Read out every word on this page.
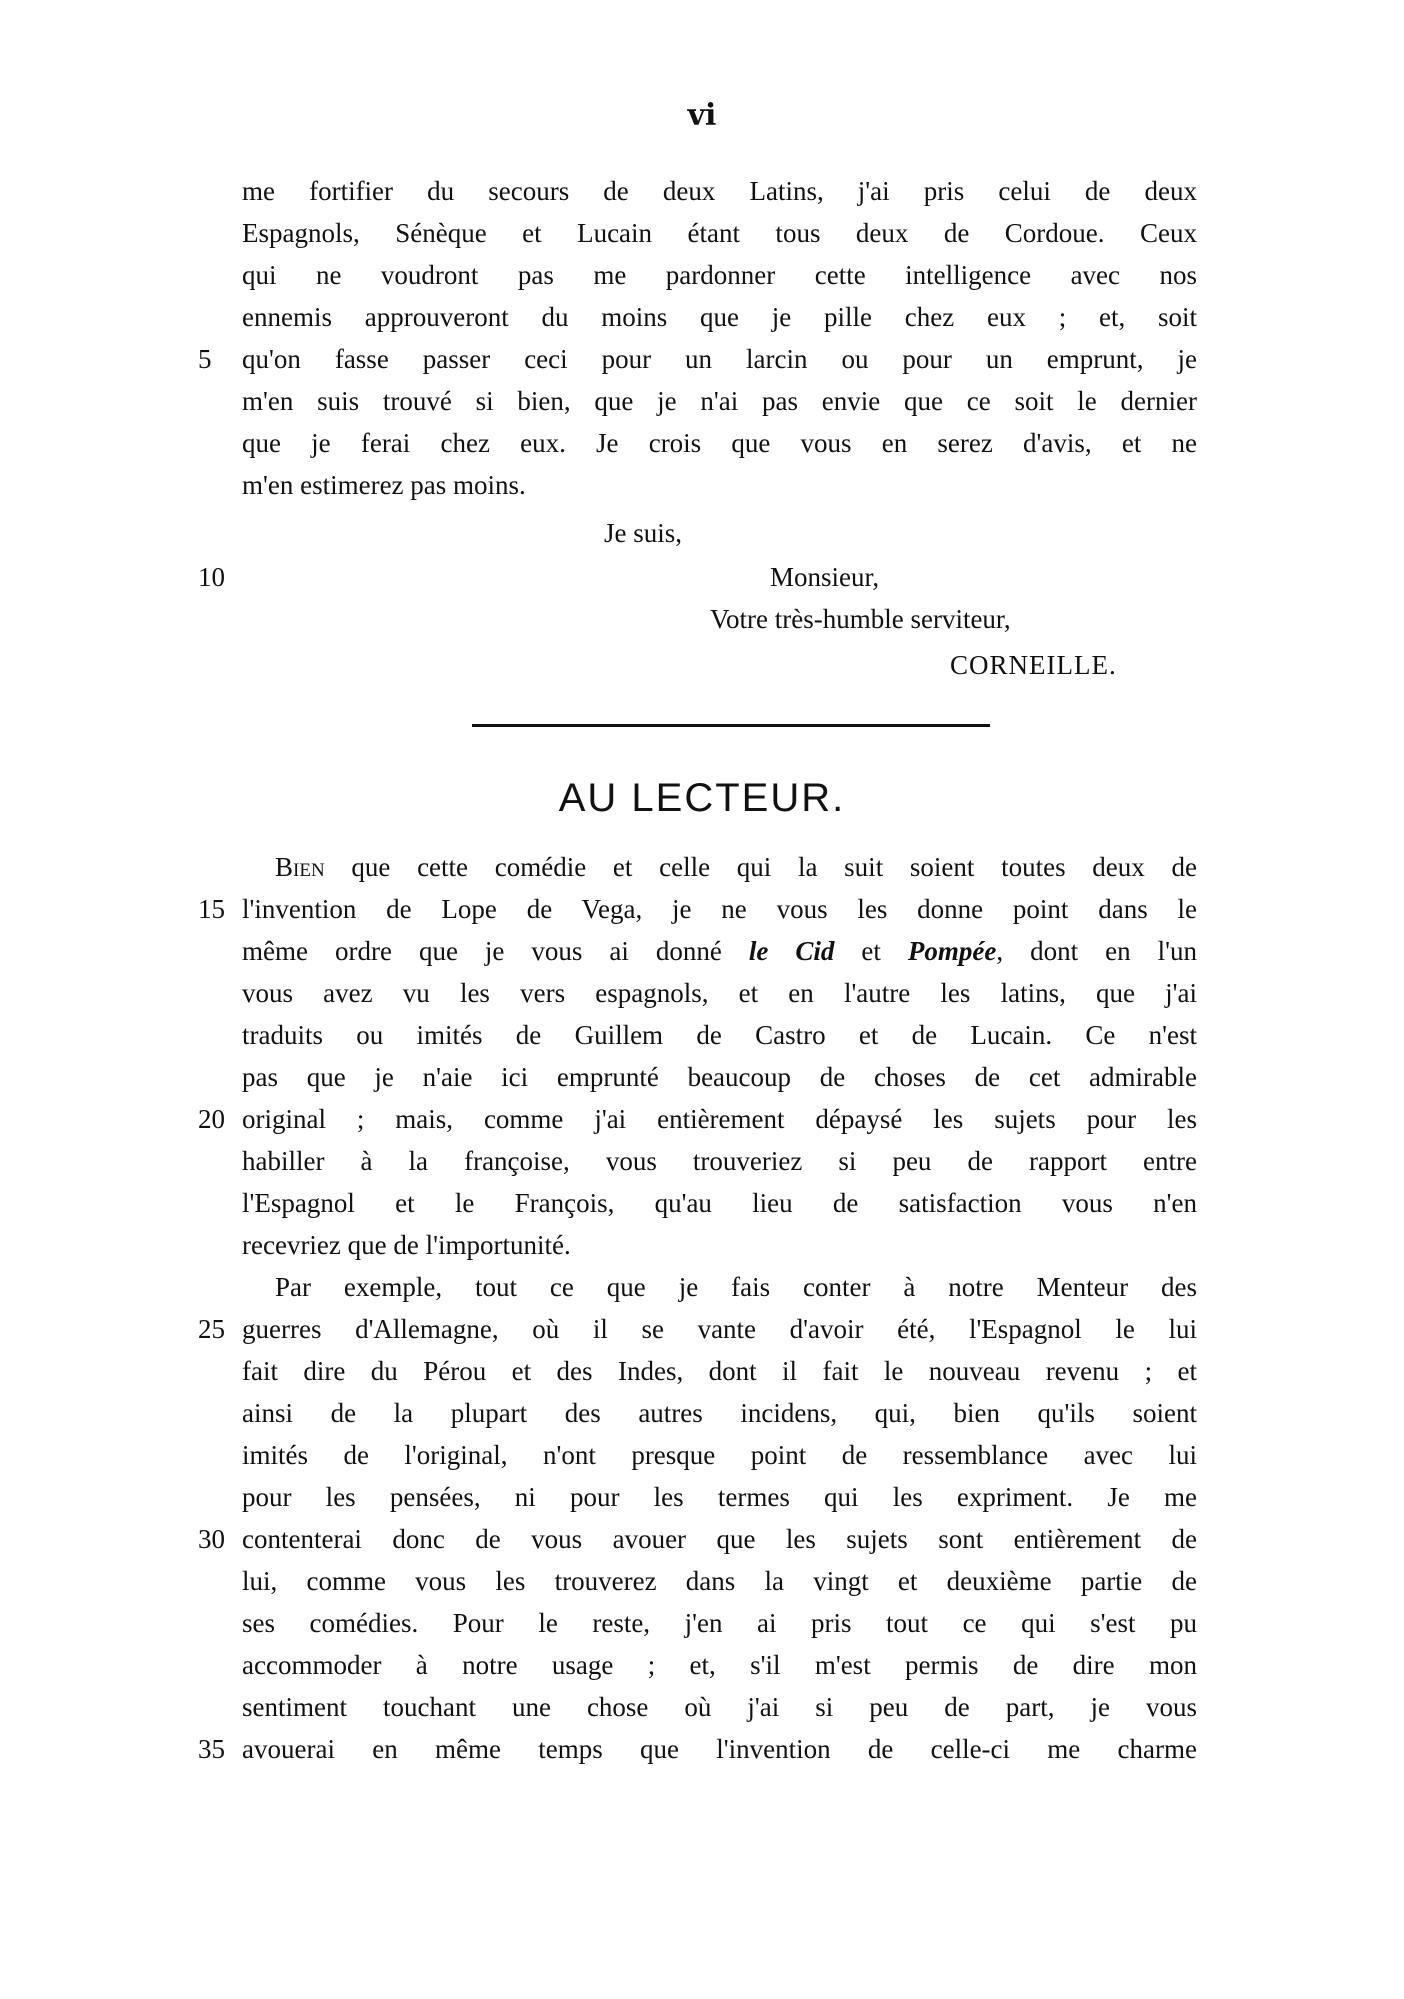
vi
me fortifier du secours de deux Latins, j'ai pris celui de deux
Espagnols, Sénèque et Lucain étant tous deux de Cordoue. Ceux
qui ne voudront pas me pardonner cette intelligence avec nos
ennemis approuveront du moins que je pille chez eux ; et, soit
5	qu'on fasse passer ceci pour un larcin ou pour un emprunt, je
m'en suis trouvé si bien, que je n'ai pas envie que ce soit le dernier
que je ferai chez eux. Je crois que vous en serez d'avis, et ne
m'en estimerez pas moins.
Je suis,
10	Monsieur,
Votre très-humble serviteur,
CORNEILLE.
AU LECTEUR.
Bien que cette comédie et celle qui la suit soient toutes deux de
15 l'invention de Lope de Vega, je ne vous les donne point dans le
même ordre que je vous ai donné le Cid et Pompée, dont en l'un
vous avez vu les vers espagnols, et en l'autre les latins, que j'ai
traduits ou imités de Guillem de Castro et de Lucain. Ce n'est
pas que je n'aie ici emprunté beaucoup de choses de cet admirable
20 original ; mais, comme j'ai entièrement dépaysé les sujets pour les
habiller à la françoise, vous trouveriez si peu de rapport entre
l'Espagnol et le François, qu'au lieu de satisfaction vous n'en
recevriez que de l'importunité.
Par exemple, tout ce que je fais conter à notre Menteur des
25 guerres d'Allemagne, où il se vante d'avoir été, l'Espagnol le lui
fait dire du Pérou et des Indes, dont il fait le nouveau revenu ; et
ainsi de la plupart des autres incidens, qui, bien qu'ils soient
imités de l'original, n'ont presque point de ressemblance avec lui
pour les pensées, ni pour les termes qui les expriment. Je me
30 contenterai donc de vous avouer que les sujets sont entièrement de
lui, comme vous les trouverez dans la vingt et deuxième partie de
ses comédies. Pour le reste, j'en ai pris tout ce qui s'est pu
accommoder à notre usage ; et, s'il m'est permis de dire mon
sentiment touchant une chose où j'ai si peu de part, je vous
35 avouerai en même temps que l'invention de celle-ci me charme
